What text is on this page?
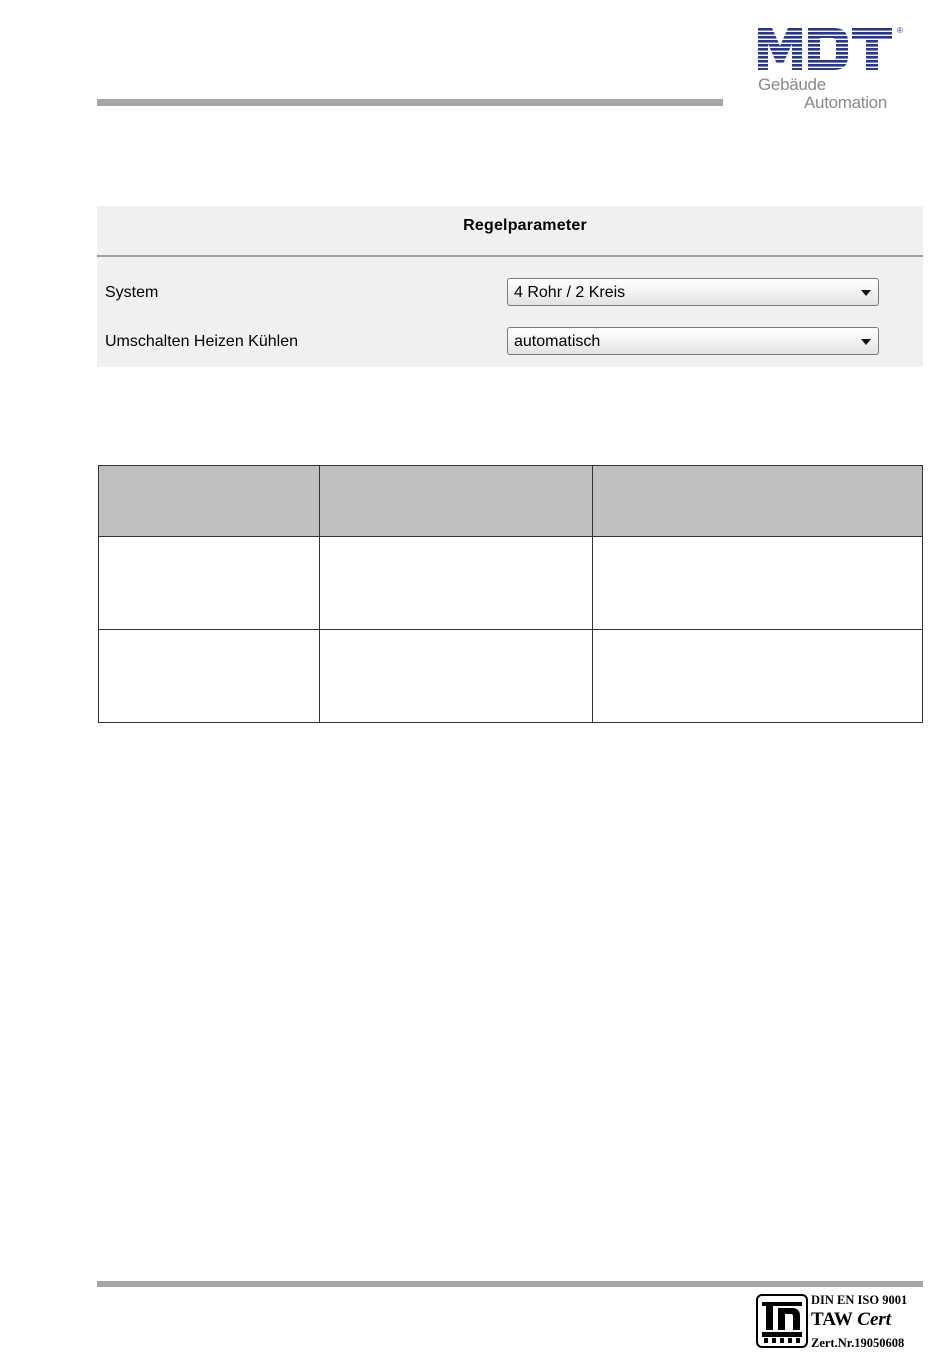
®
Gebäude
Automation
Regelparameter
System	4 Rohr / 2 Kreis
Umschalten Heizen Kühlen	automatisch

DIN EN ISO 9001
TAW Cert
Zert.Nr.19050608
